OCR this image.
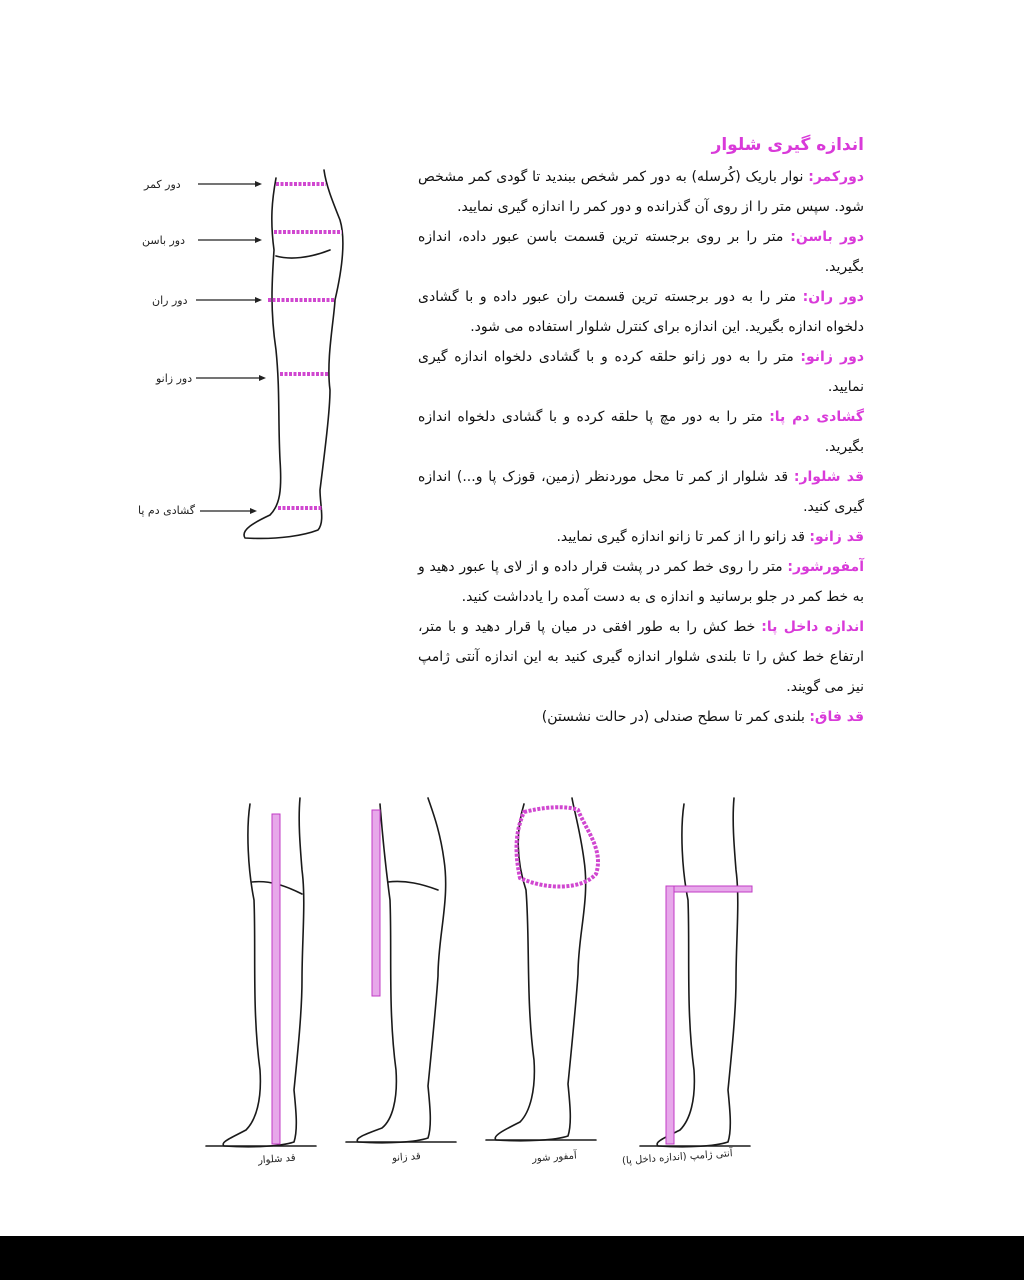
اندازه گیری شلوار

دورکمر: نوار باریک (کُرسله) به دور کمر شخص ببندید تا گودی کمر مشخص شود. سپس متر را از روی آن گذرانده و دور کمر را اندازه گیری نمایید.

دور باسن: متر را بر روی برجسته ترین قسمت باسن عبور داده، اندازه بگیرید.

دور ران: متر را به دور برجسته ترین قسمت ران عبور داده و با گشادی دلخواه اندازه بگیرید. این اندازه برای کنترل شلوار استفاده می شود.

دور زانو: متر را به دور زانو حلقه کرده و با گشادی دلخواه اندازه گیری نمایید.

گشادی دم پا: متر را به دور مچ پا حلقه کرده و با گشادی دلخواه اندازه بگیرید.

قد شلوار: قد شلوار از کمر تا محل موردنظر (زمین، قوزک پا و...) اندازه گیری کنید.

قد زانو: قد زانو را از کمر تا زانو اندازه گیری نمایید.

آمفورشور: متر را روی خط کمر در پشت قرار داده و از لای پا عبور دهید و به خط کمر در جلو برسانید و اندازه ی به دست آمده را یادداشت کنید.

اندازه داخل پا: خط کش را به طور افقی در میان پا قرار دهید و با متر، ارتفاع خط کش را تا بلندی شلوار اندازه گیری کنید به این اندازه آنتی ژامپ نیز می گویند.

قد فاق: بلندی کمر تا سطح صندلی (در حالت نشستن)

دور کمر
دور باسن
دور ران
دور زانو
گشادی دم پا
قد شلوار	قد زانو	آمفور شور	آنتی ژامپ (اندازه داخل پا)
